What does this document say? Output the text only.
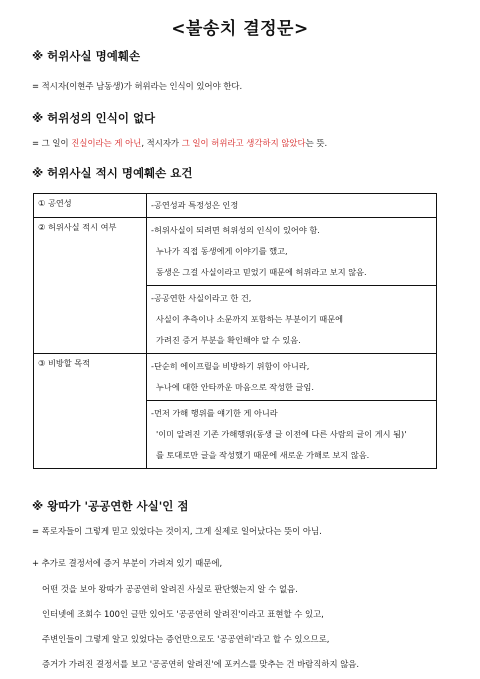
<불송치 결정문>
※ 허위사실 명예훼손
= 적시자(이현주 남동생)가 허위라는 인식이 있어야 한다.
※ 허위성의 인식이 없다
= 그 일이 진실이라는 게 아닌, 적시자가 그 일이 허위라고 생각하지 않았다는 뜻.
※ 허위사실 적시 명예훼손 요건
① 공연성	-공연성과 특정성은 인정

② 허위사실 적시 여부	-허위사실이 되려면 허위성의 인식이 있어야 함.
누나가 직접 동생에게 이야기를 했고,
동생은 그걸 사실이라고 믿었기 때문에 허위라고 보지 않음.

	-공공연한 사실이라고 한 건,
사실이 추측이나 소문까지 포함하는 부분이기 때문에
가려진 증거 부분을 확인해야 알 수 있음.

③ 비방할 목적	-단순히 에이프릴을 비방하기 위함이 아니라,
누나에 대한 안타까운 마음으로 작성한 글임.

	-먼저 가해 행위를 얘기한 게 아니라
'이미 알려진 기존 가해행위(동생 글 이전에 다른 사람의 글이 게시 됨)'
를 토대로만 글을 작성했기 때문에 새로운 가해로 보지 않음.
※ 왕따가 '공공연한 사실'인 점
= 폭로자들이 그렇게 믿고 있었다는 것이지, 그게 실제로 일어났다는 뜻이 아님.
+ 추가로 결정서에 증거 부분이 가려져 있기 때문에,
어떤 것을 보아 왕따가 공공연히 알려진 사실로 판단했는지 알 수 없음.
인터넷에 조회수 100인 글만 있어도 '공공연히 알려진'이라고 표현할 수 있고,
주변인들이 그렇게 알고 있었다는 증언만으로도 '공공연히'라고 할 수 있으므로,
증거가 가려진 결정서를 보고 '공공연히 알려진'에 포커스를 맞추는 건 바람직하지 않음.
